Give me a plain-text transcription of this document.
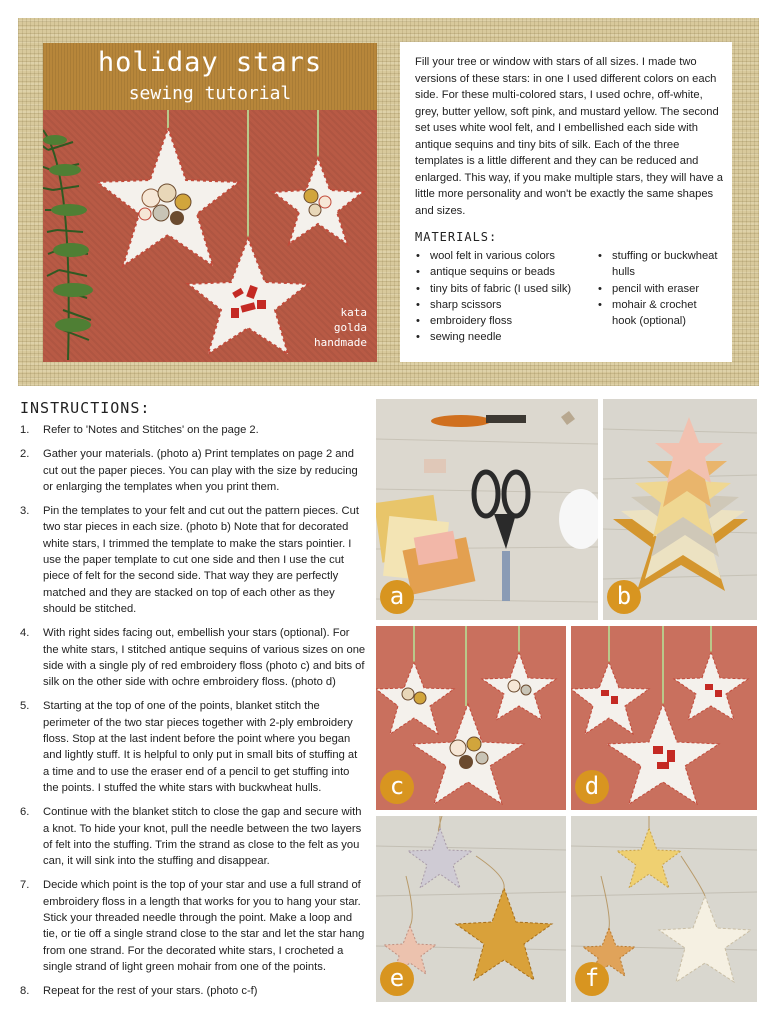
holiday stars
sewing tutorial
kata
golda
handmade
Fill your tree or window with stars of all sizes. I made two versions of these stars: in one I used different colors on each side. For these multi-colored stars, I used ochre, off-white, grey, butter yellow, soft pink, and mustard yellow. The second set uses white wool felt, and I embellished each side with antique sequins and tiny bits of silk. Each of the three templates is a little different and they can be reduced and enlarged. This way, if you make multiple stars, they will have a little more personality and won't be exactly the same shapes and sizes.
MATERIALS:
• wool felt in various colors
• antique sequins or beads
• tiny bits of fabric (I used silk)
• sharp scissors
• embroidery floss
• sewing needle
• stuffing or buckwheat hulls
• pencil with eraser
• mohair & crochet hook (optional)
INSTRUCTIONS:
1. Refer to 'Notes and Stitches' on the page 2.
2. Gather your materials. (photo a) Print templates on page 2 and cut out the paper pieces. You can play with the size by reducing or enlarging the templates when you print them.
3. Pin the templates to your felt and cut out the pattern pieces. Cut two star pieces in each size. (photo b) Note that for decorated white stars, I trimmed the template to make the stars pointier. I use the paper template to cut one side and then I use the cut piece of felt for the second side. That way they are perfectly matched and they are stacked on top of each other as they should be stitched.
4. With right sides facing out, embellish your stars (optional). For the white stars, I stitched antique sequins of various sizes on one side with a single ply of red embroidery floss (photo c) and bits of silk on the other side with ochre embroidery floss. (photo d)
5. Starting at the top of one of the points, blanket stitch the perimeter of the two star pieces together with 2-ply embroidery floss. Stop at the last indent before the point where you began and lightly stuff. It is helpful to only put in small bits of stuffing at a time and to use the eraser end of a pencil to get stuffing into the points. I stuffed the white stars with buckwheat hulls.
6. Continue with the blanket stitch to close the gap and secure with a knot. To hide your knot, pull the needle between the two layers of felt into the stuffing. Trim the strand as close to the felt as you can, it will sink into the stuffing and disappear.
7. Decide which point is the top of your star and use a full strand of embroidery floss in a length that works for you to hang your star. Stick your threaded needle through the point. Make a loop and tie, or tie off a single strand close to the star and let the star hang from one strand. For the decorated white stars, I crocheted a single strand of light green mohair from one of the points.
8. Repeat for the rest of your stars. (photo c-f)
a	b
c	d
e	f
